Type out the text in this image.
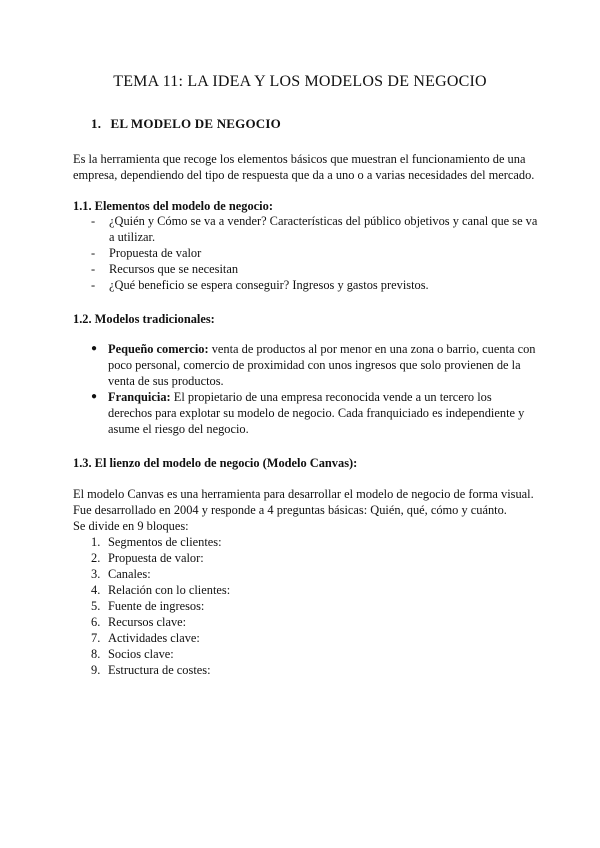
TEMA 11: LA IDEA Y LOS MODELOS DE NEGOCIO
1. EL MODELO DE NEGOCIO

Es la herramienta que recoge los elementos básicos que muestran el funcionamiento de una
empresa, dependiendo del tipo de respuesta que da a uno o a varias necesidades del mercado.

1.1. Elementos del modelo de negocio:
- ¿Quién y Cómo se va a vender? Características del público objetivos y canal que se va
a utilizar.
- Propuesta de valor
- Recursos que se necesitan
- ¿Qué beneficio se espera conseguir? Ingresos y gastos previstos.
1.2. Modelos tradicionales:
● Pequeño comercio: venta de productos al por menor en una zona o barrio, cuenta con
poco personal, comercio de proximidad con unos ingresos que solo provienen de la
venta de sus productos.
● Franquicia: El propietario de una empresa reconocida vende a un tercero los
derechos para explotar su modelo de negocio. Cada franquiciado es independiente y
asume el riesgo del negocio.
1.3. El lienzo del modelo de negocio (Modelo Canvas):

El modelo Canvas es una herramienta para desarrollar el modelo de negocio de forma visual.
Fue desarrollado en 2004 y responde a 4 preguntas básicas: Quién, qué, cómo y cuánto.
Se divide en 9 bloques:

1. Segmentos de clientes:
2. Propuesta de valor:
3. Canales:
4. Relación con lo clientes:
5. Fuente de ingresos:
6. Recursos clave:
7. Actividades clave:
8. Socios clave:
9. Estructura de costes:
